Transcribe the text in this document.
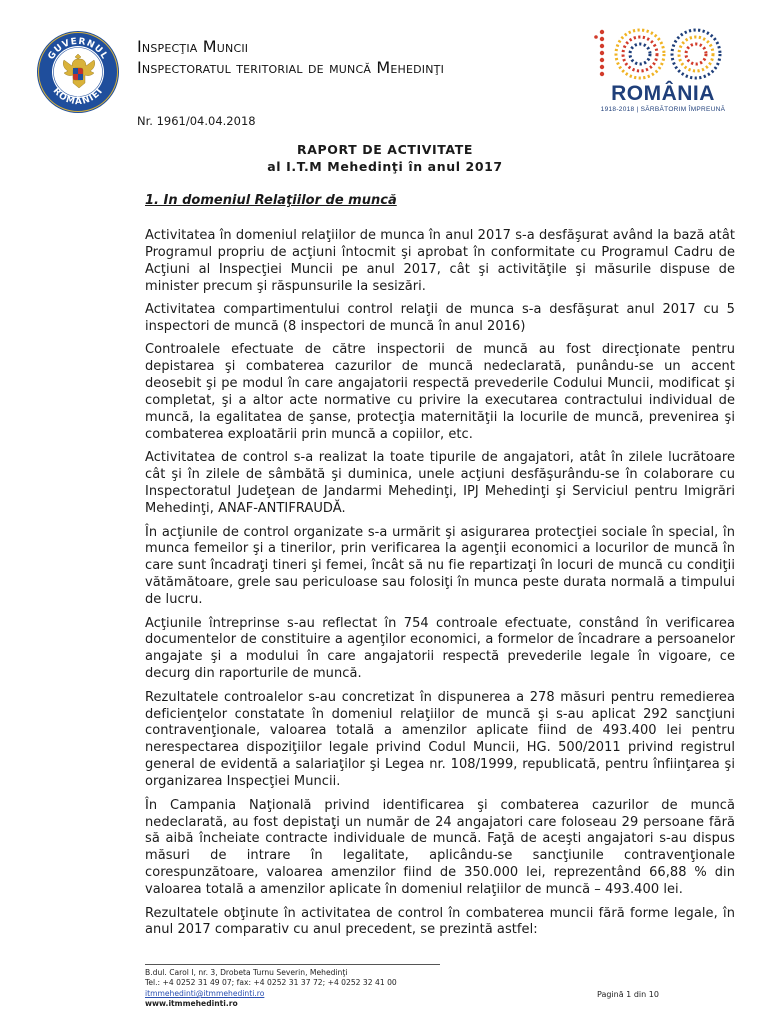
GUVERNUL
ROMÂNIEI
Inspecţia Muncii
Inspectoratul teritorial de muncă Mehedinţi
ROMÂNIA
1918-2018 | SĂRBĂTORIM ÎMPREUNĂ
Nr. 1961/04.04.2018
RAPORT DE ACTIVITATE
al I.T.M Mehedinţi în anul 2017
1. In domeniul Relaţiilor de muncă

Activitatea în domeniul relaţiilor de munca în anul 2017 s-a desfăşurat având la bază atât Programul propriu de acţiuni întocmit şi aprobat în conformitate cu Programul Cadru de Acţiuni al Inspecţiei Muncii pe anul 2017, cât şi activităţile şi măsurile dispuse de minister precum şi răspunsurile la sesizări.

Activitatea compartimentului control relaţii de munca s-a desfăşurat anul 2017 cu 5 inspectori de muncă (8 inspectori de muncă în anul 2016)

Controalele efectuate de către inspectorii de muncă au fost direcţionate pentru depistarea şi combaterea cazurilor de muncă nedeclarată, punându-se un accent deosebit şi pe modul în care angajatorii respectă prevederile Codului Muncii, modificat şi completat, şi a altor acte normative cu privire la executarea contractului individual de muncă, la egalitatea de şanse, protecţia maternităţii la locurile de muncă, prevenirea şi combaterea exploatării prin muncă a copiilor, etc.

Activitatea de control s-a realizat la toate tipurile de angajatori, atât în zilele lucrătoare cât şi în zilele de sâmbătă şi duminica, unele acţiuni desfăşurându-se în colaborare cu Inspectoratul Judeţean de Jandarmi Mehedinţi, IPJ Mehedinţi şi Serviciul pentru Imigrări Mehedinţi, ANAF-ANTIFRAUDĂ.

În acţiunile de control organizate s-a urmărit şi asigurarea protecţiei sociale în special, în munca femeilor şi a tinerilor, prin verificarea la agenţii economici a locurilor de muncă în care sunt încadraţi tineri şi femei, încât să nu fie repartizaţi în locuri de muncă cu condiţii vătămătoare, grele sau periculoase sau folosiţi în munca peste durata normală a timpului de lucru.

Acţiunile întreprinse s-au reflectat în 754 controale efectuate, constând în verificarea documentelor de constituire a agenţilor economici, a formelor de încadrare a persoanelor angajate şi a modului în care angajatorii respectă prevederile legale în vigoare, ce decurg din raporturile de muncă.

Rezultatele controalelor s-au concretizat în dispunerea a 278 măsuri pentru remedierea deficienţelor constatate în domeniul relaţiilor de muncă şi s-au aplicat 292 sancţiuni contravenţionale, valoarea totală a amenzilor aplicate fiind de 493.400 lei pentru nerespectarea dispoziţiilor legale privind Codul Muncii, HG. 500/2011 privind registrul general de evidentă a salariaţilor şi Legea nr. 108/1999, republicată, pentru înfiinţarea şi organizarea Inspecţiei Muncii.

În Campania Naţională privind identificarea şi combaterea cazurilor de muncă nedeclarată, au fost depistaţi un număr de 24 angajatori care foloseau 29 persoane fără să aibă încheiate contracte individuale de muncă. Faţă de aceşti angajatori s-au dispus măsuri de intrare în legalitate, aplicându-se sancţiunile contravenţionale corespunzătoare, valoarea amenzilor fiind de 350.000 lei, reprezentând 66,88 % din valoarea totală a amenzilor aplicate în domeniul relaţiilor de muncă – 493.400 lei.

Rezultatele obţinute în activitatea de control în combaterea muncii fără forme legale, în anul 2017 comparativ cu anul precedent, se prezintă astfel:

B.dul. Carol I, nr. 3, Drobeta Turnu Severin, Mehedinţi
Tel.: +4 0252 31 49 07; fax: +4 0252 31 37 72; +4 0252 32 41 00
itmmehedinti@itmmehedinti.ro
www.itmmehedinti.ro
Pagină 1 din 10
